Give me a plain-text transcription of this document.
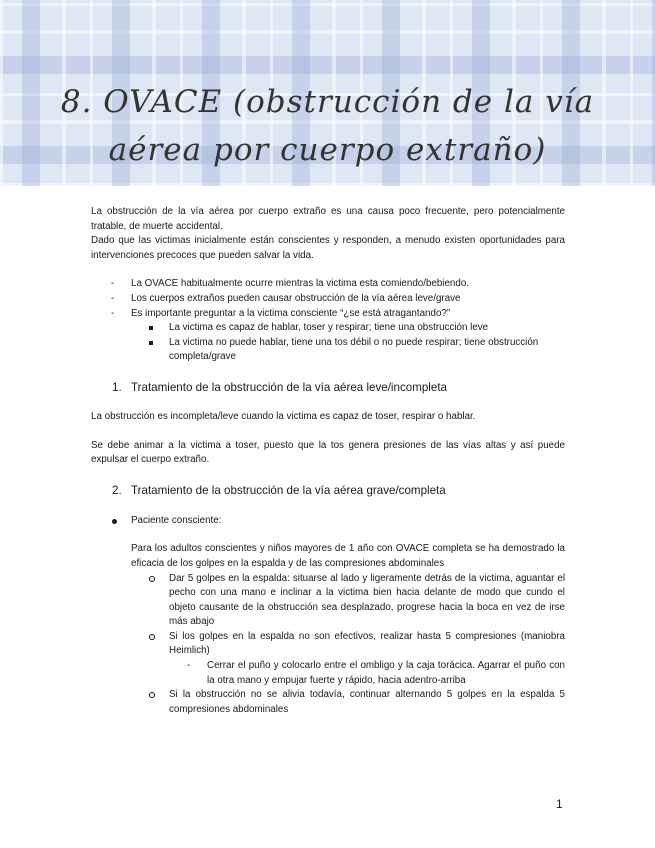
8. OVACE (obstrucción de la vía aérea por cuerpo extraño)

La obstrucción de la vía aérea por cuerpo extraño es una causa poco frecuente, pero potencialmente tratable, de muerte accidental.

Dado que las victimas inicialmente están conscientes y responden, a menudo existen oportunidades para intervenciones precoces que pueden salvar la vida.

- La OVACE habitualmente ocurre mientras la victima esta comiendo/bebiendo.
- Los cuerpos extraños pueden causar obstrucción de la vía aérea leve/grave
- Es importante preguntar a la victima consciente “¿se está atragantando?”
La victima es capaz de hablar, toser y respirar; tiene una obstrucción leve
La victima no puede hablar, tiene una tos débil o no puede respirar; tiene obstrucción completa/grave
1. Tratamiento de la obstrucción de la vía aérea leve/incompleta

La obstrucción es incompleta/leve cuando la victima es capaz de toser, respirar o hablar.

Se debe animar a la victima a toser, puesto que la tos genera presiones de las vías altas y así puede expulsar el cuerpo extraño.

2. Tratamiento de la obstrucción de la vía aérea grave/completa

Paciente consciente:

Para los adultos conscientes y niños mayores de 1 año con OVACE completa se ha demostrado la eficacia de los golpes en la espalda y de las compresiones abdominales

Dar 5 golpes en la espalda: situarse al lado y ligeramente detrás de la victima, aguantar el pecho con una mano e inclinar a la victima bien hacia delante de modo que cundo el objeto causante de la obstrucción sea desplazado, progrese hacia la boca en vez de irse más abajo
Si los golpes en la espalda no son efectivos, realizar hasta 5 compresiones (maniobra Heimlich)
- Cerrar el puño y colocarlo entre el ombligo y la caja torácica. Agarrar el puño con la otra mano y empujar fuerte y rápido, hacia adentro-arriba
Si la obstrucción no se alivia todavía, continuar alternando 5 golpes en la espalda 5 compresiones abdominales
1
